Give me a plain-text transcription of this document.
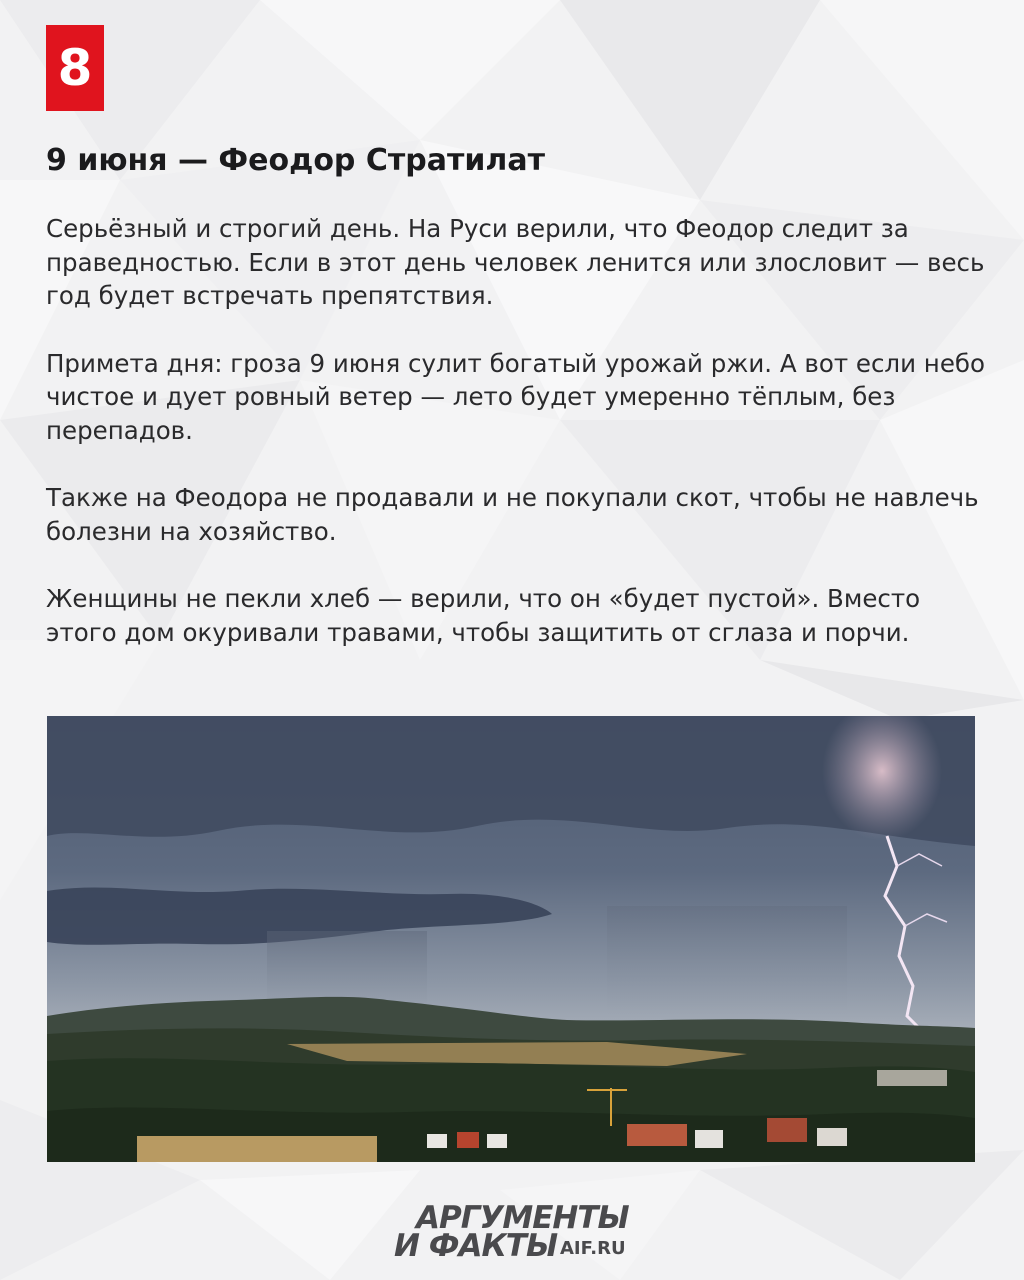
8
9 июня — Феодор Стратилат

Серьёзный и строгий день. На Руси верили, что Феодор следит за праведностью. Если в этот день человек ленится или злословит — весь год будет встречать препятствия.

Примета дня: гроза 9 июня сулит богатый урожай ржи. А вот если небо чистое и дует ровный ветер — лето будет умеренно тёплым, без перепадов.

Также на Феодора не продавали и не покупали скот, чтобы не навлечь болезни на хозяйство.

Женщины не пекли хлеб — верили, что он «будет пустой». Вместо этого дом окуривали травами, чтобы защитить от сглаза и порчи.

АРГУМЕНТЫ
И ФАКТЫ AIF.RU
